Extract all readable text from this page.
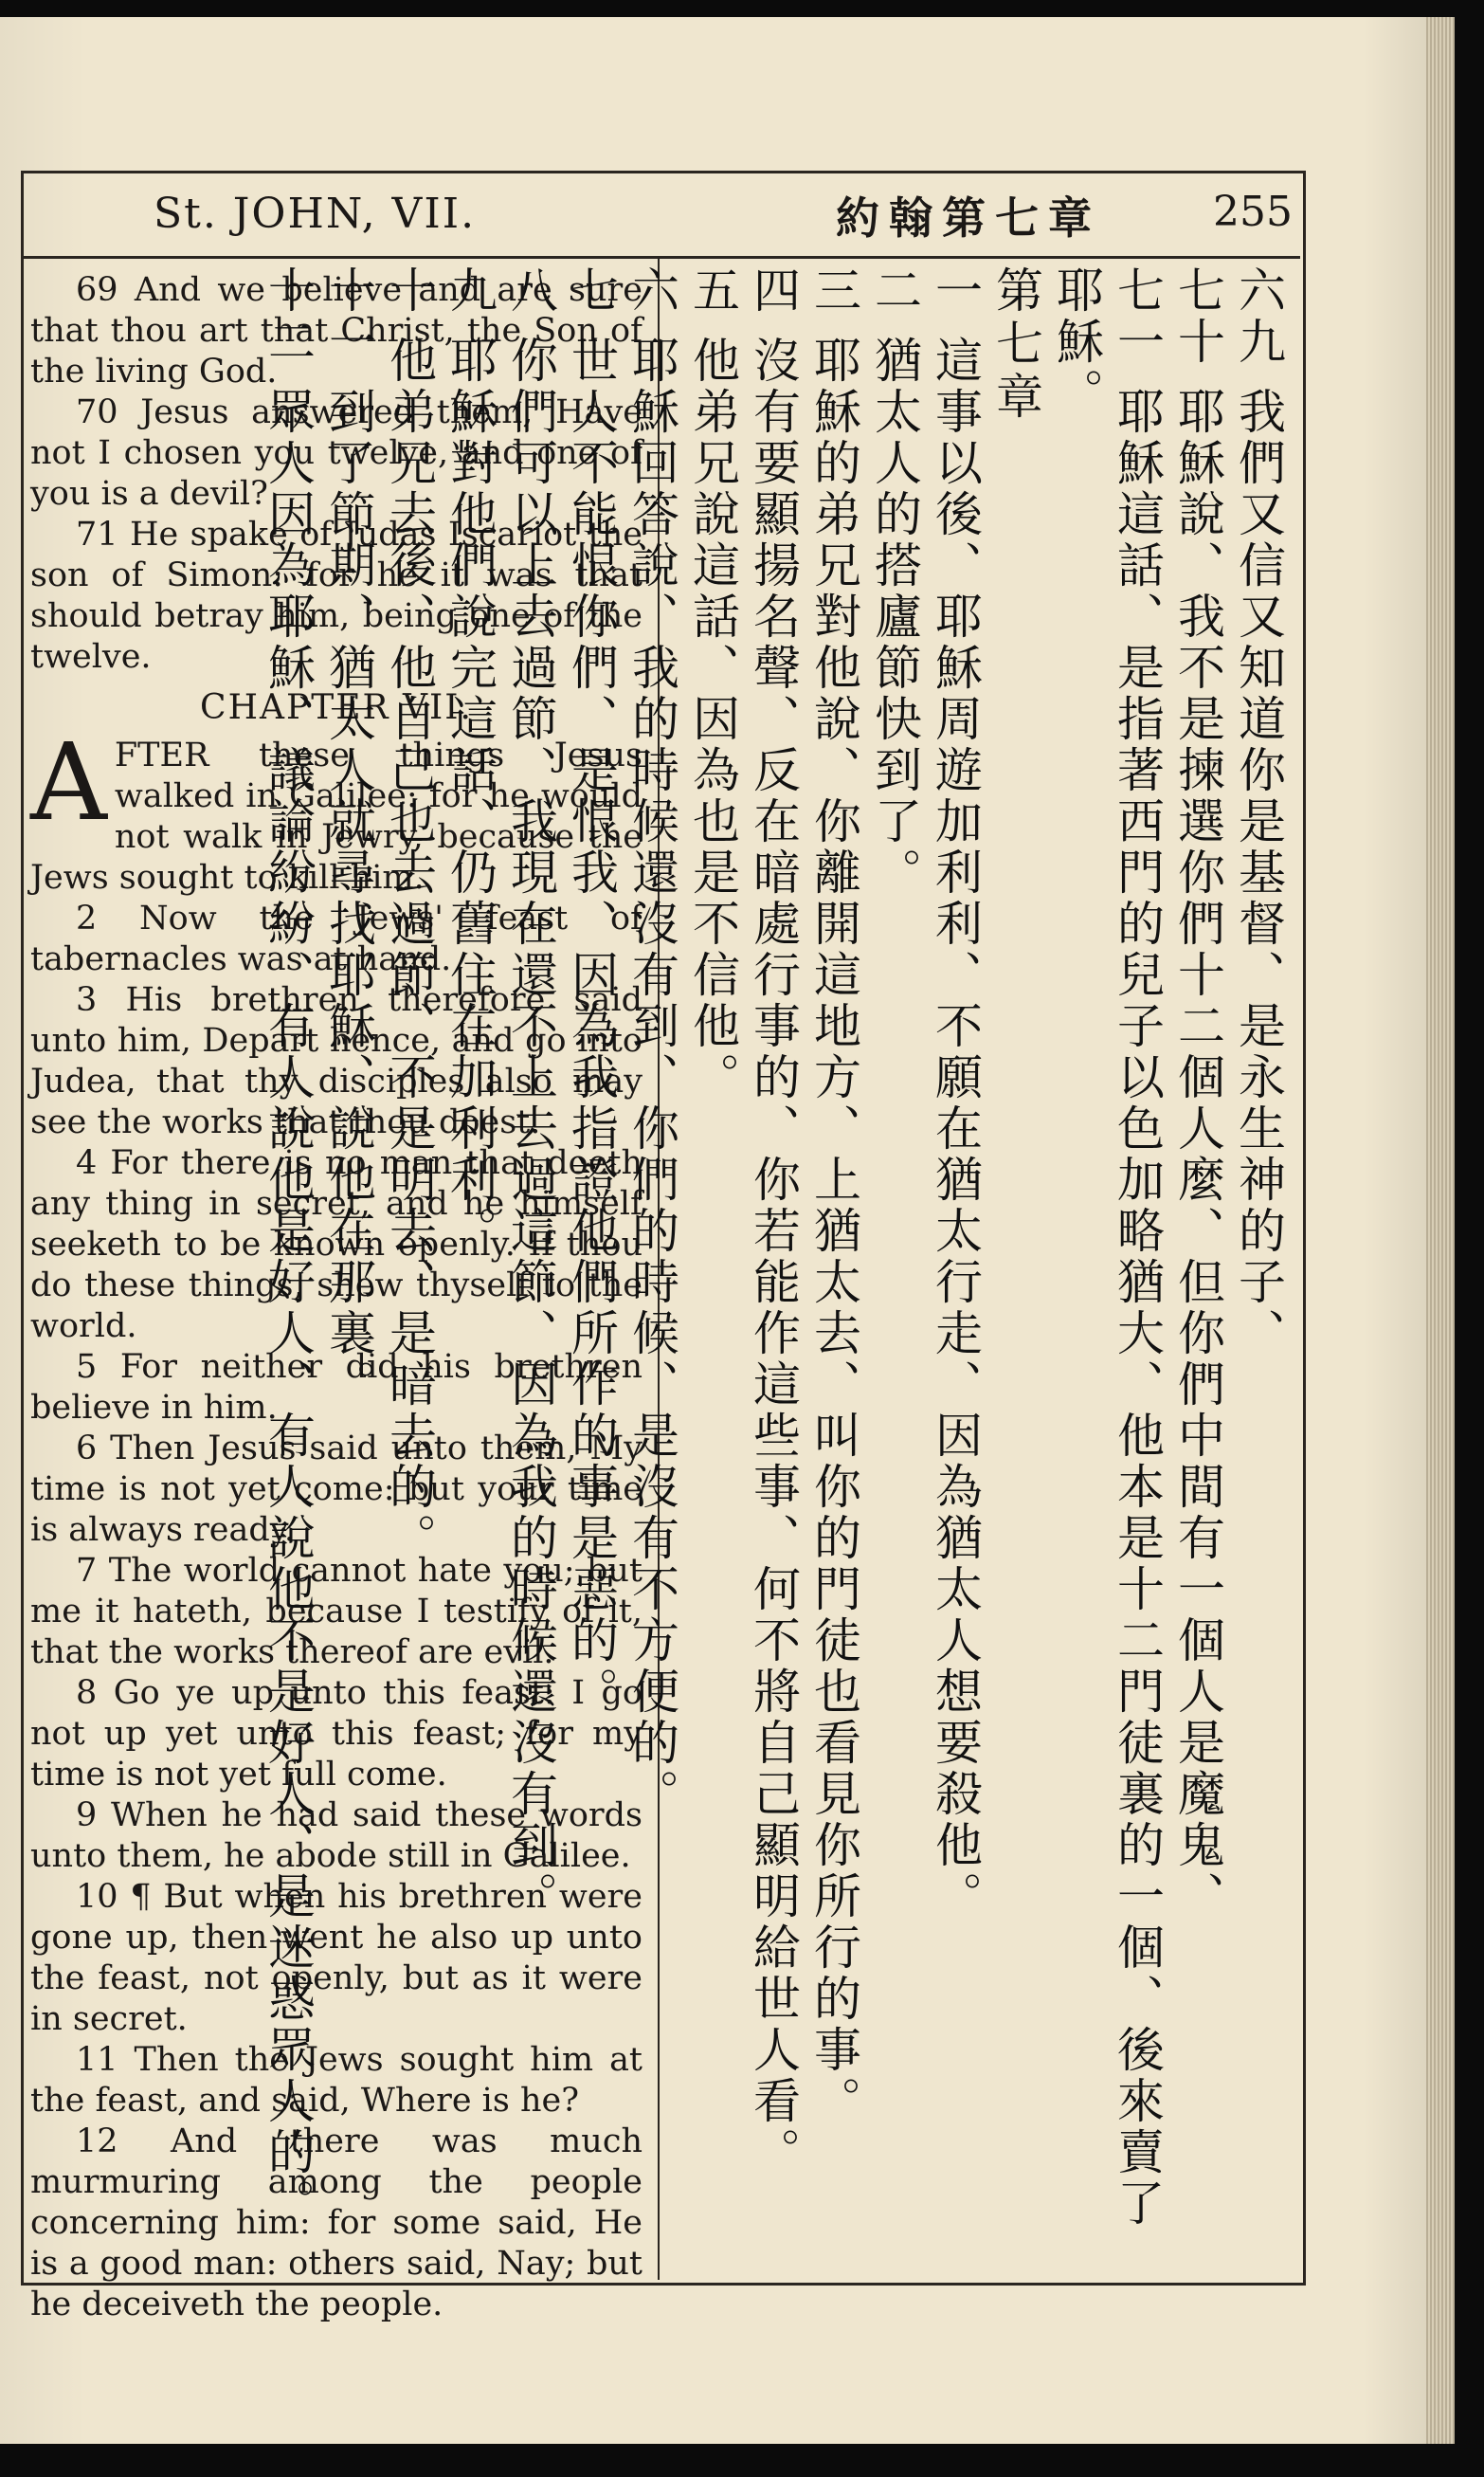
St. JOHN, VII.	約翰第七章	255

69 And we believe and are sure that thou art that Christ, the Son of the living God.

70 Jesus answered them, Have not I chosen you twelve, and one of you is a devil?

71 He spake of Judas Iscariot the son of Simon: for he it was that should betray him, being one of the twelve.

CHAPTER VII.

AFTER these things Jesus walked in Galilee: for he would not walk in Jewry, because the Jews sought to kill him.

2 Now the Jews' feast of tabernacles was at hand.

3 His brethren therefore said unto him, Depart hence, and go into Judea, that thy disciples also may see the works that thou doest.

4 For there is no man that doeth any thing in secret, and he himself seeketh to be known openly. If thou do these things, shew thyself to the world.

5 For neither did his brethren believe in him.

6 Then Jesus said unto them, My time is not yet come: but your time is always ready.

7 The world cannot hate you; but me it hateth, because I testify of it, that the works thereof are evil.

8 Go ye up unto this feast: I go not up yet unto this feast; for my time is not yet full come.

9 When he had said these words unto them, he abode still in Galilee.

10 ¶ But when his brethren were gone up, then went he also up unto the feast, not openly, but as it were in secret.

11 Then the Jews sought him at the feast, and said, Where is he?

12 And there was much murmuring among the people concerning him: for some said, He is a good man: others said, Nay; but he deceiveth the people.

六九 我們又信又知道你是基督、是永生神的子、

七十 耶穌說、我不是揀選你們十二個人麼、但你們中間有一個人是魔鬼、

七一 耶穌這話、是指著西門的兒子以色加略猶大、他本是十二門徒裏的一個、後來賣了耶穌。

第七章

一 這事以後、耶穌周遊加利利、不願在猶太行走、因為猶太人想要殺他。

二 猶太人的搭廬節快到了。

三 耶穌的弟兄對他說、你離開這地方、上猶太去、叫你的門徒也看見你所行的事。

四 沒有要顯揚名聲、反在暗處行事的、你若能作這些事、何不將自己顯明給世人看。

五 他弟兄說這話、因為也是不信他。

六 耶穌回答說、我的時候還沒有到、你們的時候、是沒有不方便的。

七 世人不能恨你們、是恨我、因為我指證他們所作的事是惡的。

八 你們可以上去過節、我現在還不上去過這節、因為我的時候還沒有到。

九 耶穌對他們說完這話、仍舊住在加利利。

十 他弟兄去後、他自己也去過節、不是明去、是暗去的。

十一 到了節期、猶太人就尋找耶穌、說他在那裏。

十二 眾人因為耶穌、議論紛紛、有人說他是好人、有人說他不是好人、是迷惑眾人的。
